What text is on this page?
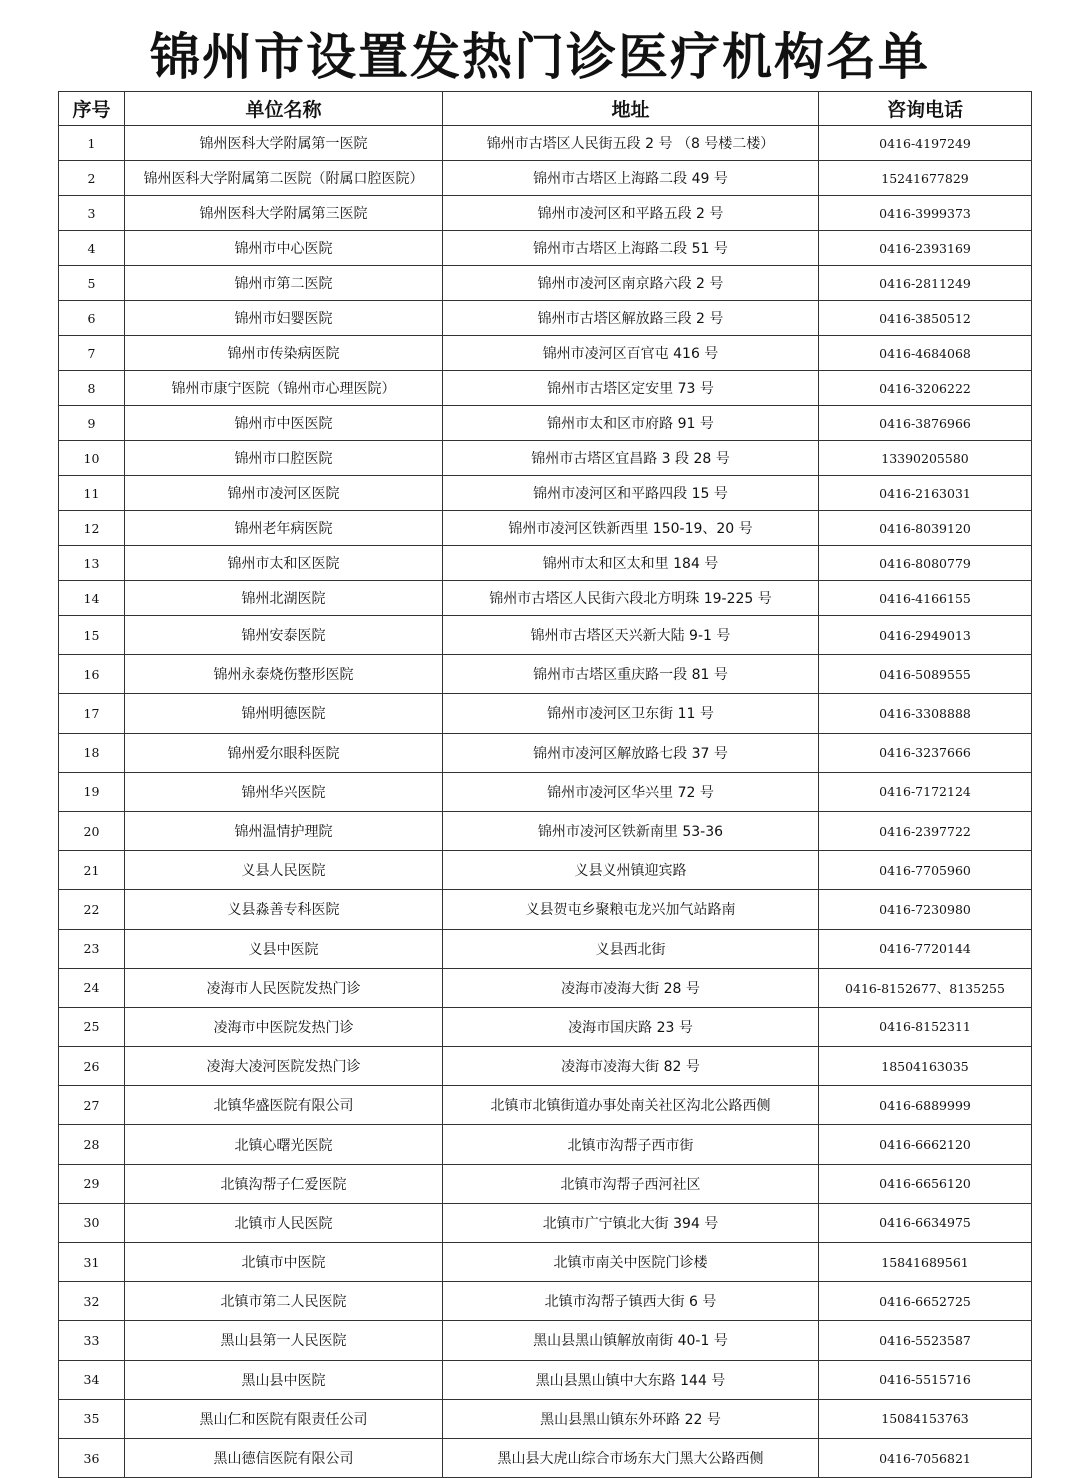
锦州市设置发热门诊医疗机构名单
序号	单位名称	地址	咨询电话
1	锦州医科大学附属第一医院	锦州市古塔区人民街五段 2 号 （8 号楼二楼）	0416-4197249
2	锦州医科大学附属第二医院（附属口腔医院）	锦州市古塔区上海路二段 49 号	15241677829
3	锦州医科大学附属第三医院	锦州市凌河区和平路五段 2 号	0416-3999373
4	锦州市中心医院	锦州市古塔区上海路二段 51 号	0416-2393169
5	锦州市第二医院	锦州市凌河区南京路六段 2 号	0416-2811249
6	锦州市妇婴医院	锦州市古塔区解放路三段 2 号	0416-3850512
7	锦州市传染病医院	锦州市凌河区百官屯 416 号	0416-4684068
8	锦州市康宁医院（锦州市心理医院）	锦州市古塔区定安里 73 号	0416-3206222
9	锦州市中医医院	锦州市太和区市府路 91 号	0416-3876966
10	锦州市口腔医院	锦州市古塔区宜昌路 3 段 28 号	13390205580
11	锦州市凌河区医院	锦州市凌河区和平路四段 15 号	0416-2163031
12	锦州老年病医院	锦州市凌河区铁新西里 150-19、20 号	0416-8039120
13	锦州市太和区医院	锦州市太和区太和里 184 号	0416-8080779
14	锦州北湖医院	锦州市古塔区人民街六段北方明珠 19-225 号	0416-4166155
15	锦州安泰医院	锦州市古塔区天兴新大陆 9-1 号	0416-2949013
16	锦州永泰烧伤整形医院	锦州市古塔区重庆路一段 81 号	0416-5089555
17	锦州明德医院	锦州市凌河区卫东街 11 号	0416-3308888
18	锦州爱尔眼科医院	锦州市凌河区解放路七段 37 号	0416-3237666
19	锦州华兴医院	锦州市凌河区华兴里 72 号	0416-7172124
20	锦州温情护理院	锦州市凌河区铁新南里 53-36	0416-2397722
21	义县人民医院	义县义州镇迎宾路	0416-7705960
22	义县淼善专科医院	义县贺屯乡聚粮屯龙兴加气站路南	0416-7230980
23	义县中医院	义县西北街	0416-7720144
24	凌海市人民医院发热门诊	凌海市凌海大街 28 号	0416-8152677、8135255
25	凌海市中医院发热门诊	凌海市国庆路 23 号	0416-8152311
26	凌海大凌河医院发热门诊	凌海市凌海大街 82 号	18504163035
27	北镇华盛医院有限公司	北镇市北镇街道办事处南关社区沟北公路西侧	0416-6889999
28	北镇心曙光医院	北镇市沟帮子西市街	0416-6662120
29	北镇沟帮子仁爱医院	北镇市沟帮子西河社区	0416-6656120
30	北镇市人民医院	北镇市广宁镇北大街 394 号	0416-6634975
31	北镇市中医院	北镇市南关中医院门诊楼	15841689561
32	北镇市第二人民医院	北镇市沟帮子镇西大街 6 号	0416-6652725
33	黑山县第一人民医院	黑山县黑山镇解放南街 40-1 号	0416-5523587
34	黑山县中医院	黑山县黑山镇中大东路 144 号	0416-5515716
35	黑山仁和医院有限责任公司	黑山县黑山镇东外环路 22 号	15084153763
36	黑山德信医院有限公司	黑山县大虎山综合市场东大门黑大公路西侧	0416-7056821
